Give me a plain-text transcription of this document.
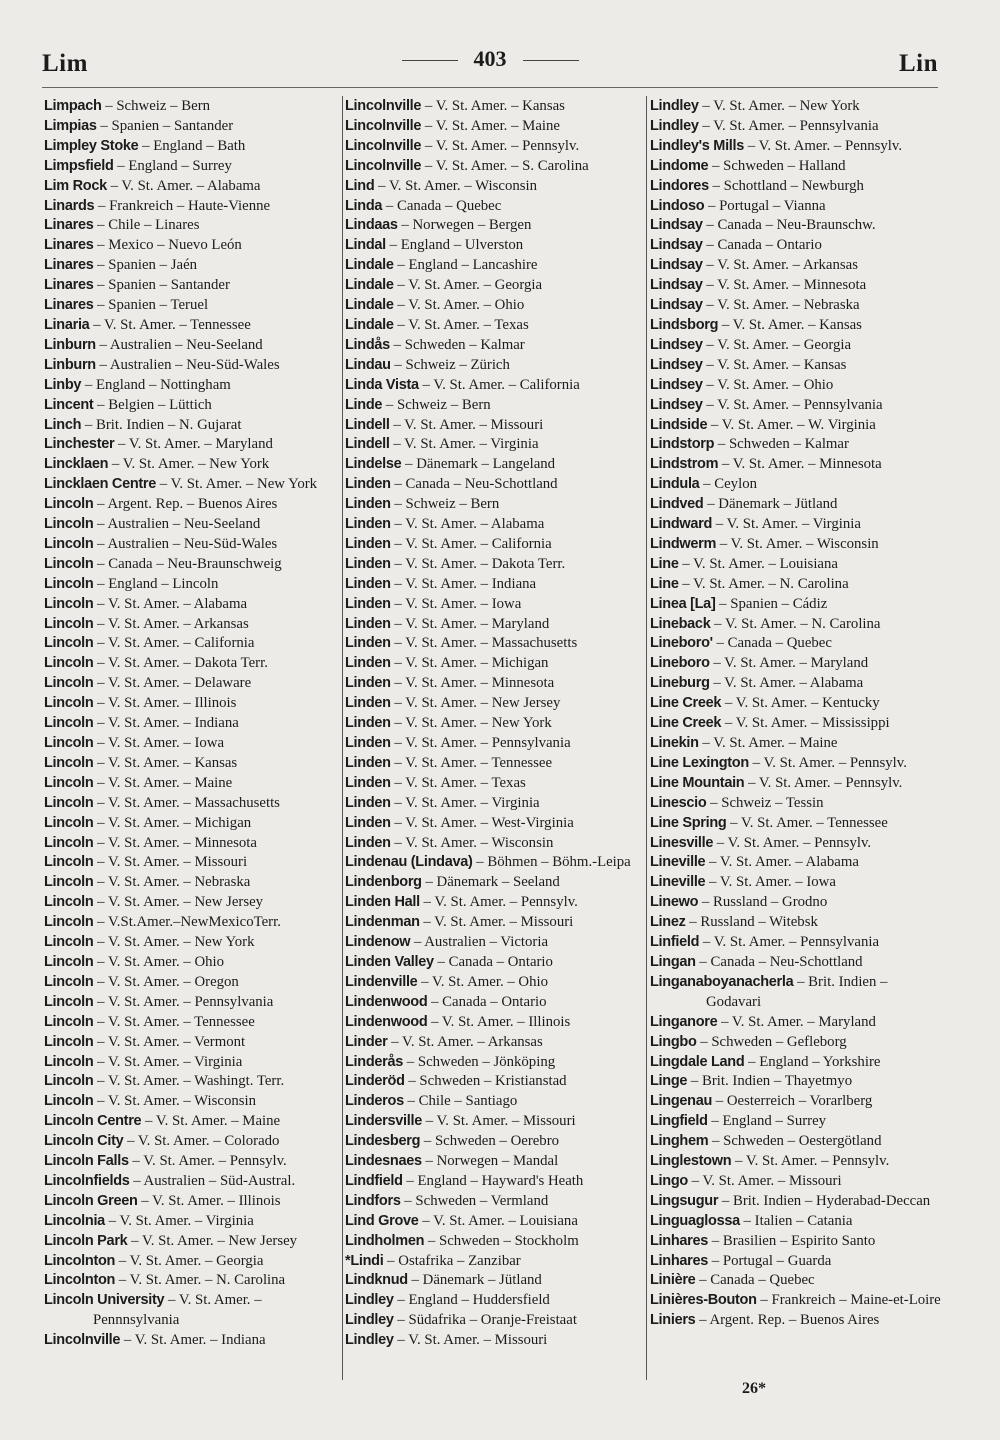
Lim	403	Lin
Limpach – Schweiz – Bern
Limpias – Spanien – Santander
Limpley Stoke – England – Bath
Limpsfield – England – Surrey
Lim Rock – V. St. Amer. – Alabama
Linards – Frankreich – Haute-Vienne
Linares – Chile – Linares
Linares – Mexico – Nuevo León
Linares – Spanien – Jaén
Linares – Spanien – Santander
Linares – Spanien – Teruel
Linaria – V. St. Amer. – Tennessee
Linburn – Australien – Neu-Seeland
Linburn – Australien – Neu-Süd-Wales
Linby – England – Nottingham
Lincent – Belgien – Lüttich
Linch – Brit. Indien – N. Gujarat
Linchester – V. St. Amer. – Maryland
Lincklaen – V. St. Amer. – New York
Lincklaen Centre – V. St. Amer. – New York
Lincoln – Argent. Rep. – Buenos Aires
Lincoln – Australien – Neu-Seeland
Lincoln – Australien – Neu-Süd-Wales
Lincoln – Canada – Neu-Braunschweig
Lincoln – England – Lincoln
Lincoln – V. St. Amer. – Alabama
Lincoln – V. St. Amer. – Arkansas
Lincoln – V. St. Amer. – California
Lincoln – V. St. Amer. – Dakota Terr.
Lincoln – V. St. Amer. – Delaware
Lincoln – V. St. Amer. – Illinois
Lincoln – V. St. Amer. – Indiana
Lincoln – V. St. Amer. – Iowa
Lincoln – V. St. Amer. – Kansas
Lincoln – V. St. Amer. – Maine
Lincoln – V. St. Amer. – Massachusetts
Lincoln – V. St. Amer. – Michigan
Lincoln – V. St. Amer. – Minnesota
Lincoln – V. St. Amer. – Missouri
Lincoln – V. St. Amer. – Nebraska
Lincoln – V. St. Amer. – New Jersey
Lincoln – V.St.Amer.–NewMexicoTerr.
Lincoln – V. St. Amer. – New York
Lincoln – V. St. Amer. – Ohio
Lincoln – V. St. Amer. – Oregon
Lincoln – V. St. Amer. – Pennsylvania
Lincoln – V. St. Amer. – Tennessee
Lincoln – V. St. Amer. – Vermont
Lincoln – V. St. Amer. – Virginia
Lincoln – V. St. Amer. – Washingt. Terr.
Lincoln – V. St. Amer. – Wisconsin
Lincoln Centre – V. St. Amer. – Maine
Lincoln City – V. St. Amer. – Colorado
Lincoln Falls – V. St. Amer. – Pennsylv.
Lincolnfields – Australien – Süd-Austral.
Lincoln Green – V. St. Amer. – Illinois
Lincolnia – V. St. Amer. – Virginia
Lincoln Park – V. St. Amer. – New Jersey
Lincolnton – V. St. Amer. – Georgia
Lincolnton – V. St. Amer. – N. Carolina
Lincoln University – V. St. Amer. – Pennnsylvania
Lincolnville – V. St. Amer. – Indiana
Lincolnville – V. St. Amer. – Kansas
Lincolnville – V. St. Amer. – Maine
Lincolnville – V. St. Amer. – Pennsylv.
Lincolnville – V. St. Amer. – S. Carolina
Lind – V. St. Amer. – Wisconsin
Linda – Canada – Quebec
Lindaas – Norwegen – Bergen
Lindal – England – Ulverston
Lindale – England – Lancashire
Lindale – V. St. Amer. – Georgia
Lindale – V. St. Amer. – Ohio
Lindale – V. St. Amer. – Texas
Lindås – Schweden – Kalmar
Lindau – Schweiz – Zürich
Linda Vista – V. St. Amer. – California
Linde – Schweiz – Bern
Lindell – V. St. Amer. – Missouri
Lindell – V. St. Amer. – Virginia
Lindelse – Dänemark – Langeland
Linden – Canada – Neu-Schottland
Linden – Schweiz – Bern
Linden – V. St. Amer. – Alabama
Linden – V. St. Amer. – California
Linden – V. St. Amer. – Dakota Terr.
Linden – V. St. Amer. – Indiana
Linden – V. St. Amer. – Iowa
Linden – V. St. Amer. – Maryland
Linden – V. St. Amer. – Massachusetts
Linden – V. St. Amer. – Michigan
Linden – V. St. Amer. – Minnesota
Linden – V. St. Amer. – New Jersey
Linden – V. St. Amer. – New York
Linden – V. St. Amer. – Pennsylvania
Linden – V. St. Amer. – Tennessee
Linden – V. St. Amer. – Texas
Linden – V. St. Amer. – Virginia
Linden – V. St. Amer. – West-Virginia
Linden – V. St. Amer. – Wisconsin
Lindenau (Lindava) – Böhmen – Böhm.-Leipa
Lindenborg – Dänemark – Seeland
Linden Hall – V. St. Amer. – Pennsylv.
Lindenman – V. St. Amer. – Missouri
Lindenow – Australien – Victoria
Linden Valley – Canada – Ontario
Lindenville – V. St. Amer. – Ohio
Lindenwood – Canada – Ontario
Lindenwood – V. St. Amer. – Illinois
Linder – V. St. Amer. – Arkansas
Linderås – Schweden – Jönköping
Linderöd – Schweden – Kristianstad
Linderos – Chile – Santiago
Lindersville – V. St. Amer. – Missouri
Lindesberg – Schweden – Oerebro
Lindesnaes – Norwegen – Mandal
Lindfield – England – Hayward's Heath
Lindfors – Schweden – Vermland
Lind Grove – V. St. Amer. – Louisiana
Lindholmen – Schweden – Stockholm
*Lindi – Ostafrika – Zanzibar
Lindknud – Dänemark – Jütland
Lindley – England – Huddersfield
Lindley – Südafrika – Oranje-Freistaat
Lindley – V. St. Amer. – Missouri
Lindley – V. St. Amer. – New York
Lindley – V. St. Amer. – Pennsylvania
Lindley's Mills – V. St. Amer. – Pennsylv.
Lindome – Schweden – Halland
Lindores – Schottland – Newburgh
Lindoso – Portugal – Vianna
Lindsay – Canada – Neu-Braunschw.
Lindsay – Canada – Ontario
Lindsay – V. St. Amer. – Arkansas
Lindsay – V. St. Amer. – Minnesota
Lindsay – V. St. Amer. – Nebraska
Lindsborg – V. St. Amer. – Kansas
Lindsey – V. St. Amer. – Georgia
Lindsey – V. St. Amer. – Kansas
Lindsey – V. St. Amer. – Ohio
Lindsey – V. St. Amer. – Pennsylvania
Lindside – V. St. Amer. – W. Virginia
Lindstorp – Schweden – Kalmar
Lindstrom – V. St. Amer. – Minnesota
Lindula – Ceylon
Lindved – Dänemark – Jütland
Lindward – V. St. Amer. – Virginia
Lindwerm – V. St. Amer. – Wisconsin
Line – V. St. Amer. – Louisiana
Line – V. St. Amer. – N. Carolina
Linea [La] – Spanien – Cádiz
Lineback – V. St. Amer. – N. Carolina
Lineboro' – Canada – Quebec
Lineboro – V. St. Amer. – Maryland
Lineburg – V. St. Amer. – Alabama
Line Creek – V. St. Amer. – Kentucky
Line Creek – V. St. Amer. – Mississippi
Linekin – V. St. Amer. – Maine
Line Lexington – V. St. Amer. – Pennsylv.
Line Mountain – V. St. Amer. – Pennsylv.
Linescio – Schweiz – Tessin
Line Spring – V. St. Amer. – Tennessee
Linesville – V. St. Amer. – Pennsylv.
Lineville – V. St. Amer. – Alabama
Lineville – V. St. Amer. – Iowa
Linewo – Russland – Grodno
Linez – Russland – Witebsk
Linfield – V. St. Amer. – Pennsylvania
Lingan – Canada – Neu-Schottland
Linganaboyanacherla – Brit. Indien – Godavari
Linganore – V. St. Amer. – Maryland
Lingbo – Schweden – Gefleborg
Lingdale Land – England – Yorkshire
Linge – Brit. Indien – Thayetmyo
Lingenau – Oesterreich – Vorarlberg
Lingfield – England – Surrey
Linghem – Schweden – Oestergötland
Linglestown – V. St. Amer. – Pennsylv.
Lingo – V. St. Amer. – Missouri
Lingsugur – Brit. Indien – Hyderabad-Deccan
Linguaglossa – Italien – Catania
Linhares – Brasilien – Espirito Santo
Linhares – Portugal – Guarda
Linière – Canada – Quebec
Linières-Bouton – Frankreich – Maine-et-Loire
Liniers – Argent. Rep. – Buenos Aires
26*
